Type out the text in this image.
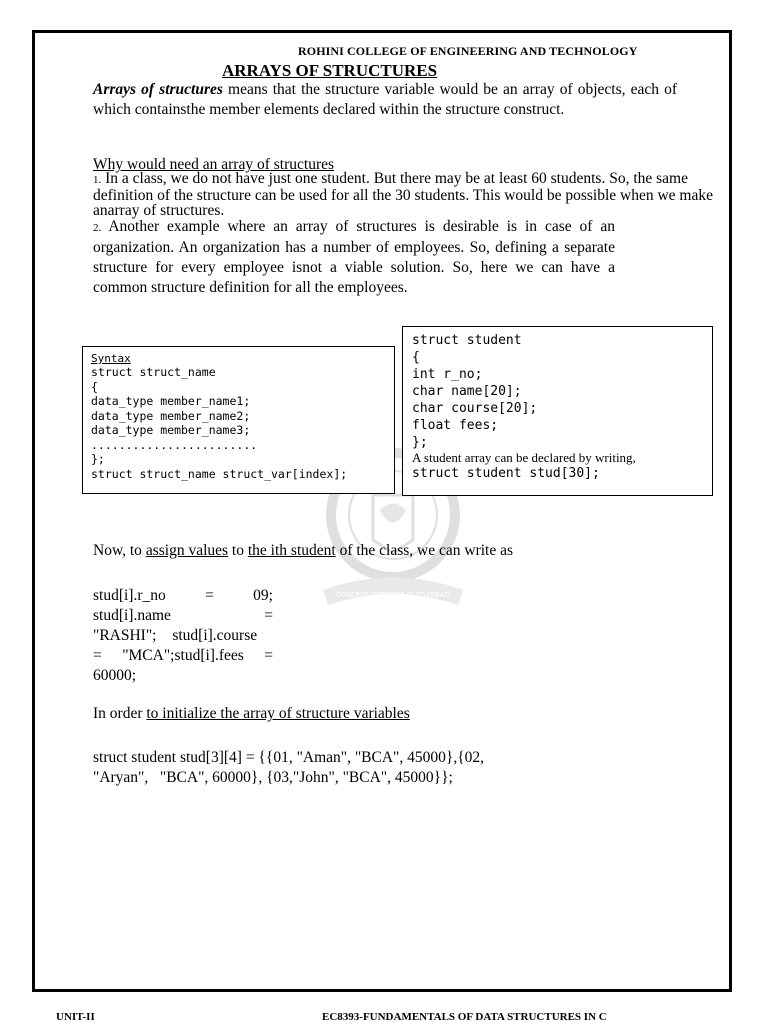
ROHINI COLLEGE OF ENGINEERING AND TECHNOLOGY
ARRAYS OF STRUCTURES
Arrays of structures means that the structure variable would be an array of objects, each of which containsthe member elements declared within the structure construct.
Why would need an array of structures
1. In a class, we do not have just one student. But there may be at least 60 students. So, the same definition of the structure can be used for all the 30 students. This would be possible when we make anarray of structures.
2. Another example where an array of structures is desirable is in case of an organization. An organization has a number of employees. So, defining a separate structure for every employee isnot a viable solution. So, here we can have a common structure definition for all the employees.
OBSERVE OPTIMIZE OUTSPREAD
Syntax
struct struct_name
{
data_type member_name1;
data_type member_name2;
data_type member_name3;
........................
};
struct struct_name struct_var[index];
struct student
{
int r_no;
char name[20];
char course[20];
float fees;
};
A student array can be declared by writing,
struct student stud[30];
Now, to assign values to the ith student of the class, we can write as
stud[i].r_no	=	09;
stud[i].name	=
"RASHI"; stud[i].course
= "MCA";stud[i].fees =
60000;
In order to initialize the array of structure variables
struct student stud[3][4] = {{01, "Aman", "BCA", 45000},{02,
"Aryan",   "BCA", 60000}, {03,"John", "BCA", 45000}};
UNIT-II	EC8393-FUNDAMENTALS OF DATA STRUCTURES IN C
